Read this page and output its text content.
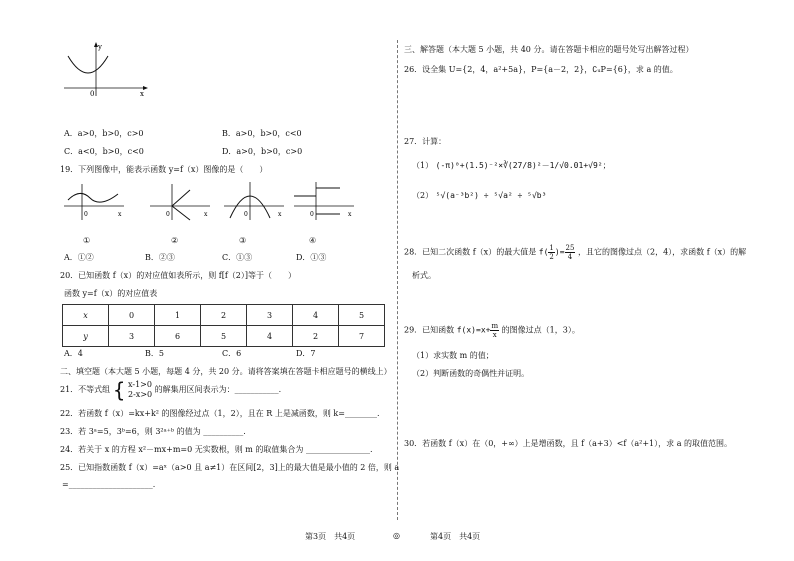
0
y
x
A．a>0，b>0，c>0	B．a>0，b>0，c<0
C．a<0，b>0，c<0	D．a>0，b>0，c>0
19．下列图像中，能表示函数 y=f（x）图像的是（　　）
0	x	0	x	0	x	0	x
①	②	③	④
A．①②	B．②③	C．①③	D．①③
20．已知函数 f（x）的对应值如表所示，则 f[f（2）]等于（　　）
函数 y=f（x）的对应值表
x	0	1	2	3	4	5
y	3	6	5	4	2	7
A．4	B．5	C．6	D．7
二、填空题（本大题 5 小题，每题 4 分，共 20 分。请将答案填在答题卡相应题号的横线上）
21．不等式组 { x-1>0
2-x>0
的解集用区间表示为：___________.
22．若函数 f（x）=kx+k² 的图像经过点（1，2），且在 R 上是减函数，则 k=________.
23．若 3ᵃ=5，3ᵇ=6，则 3²ᵃ⁺ᵇ 的值为 __________.
24．若关于 x 的方程 x²－mx+m=0 无实数根，则 m 的取值集合为 ________________.
25．已知指数函数 f（x）=aˣ（a>0 且 a≠1）在区间[2，3]上的最大值是最小值的 2 倍，则 a
=_____________________.
三、解答题（本大题 5 小题，共 40 分。请在答题卡相应的题号处写出解答过程）
26．设全集 U={2，4，a²+5a}，P={a－2，2}，∁ᵤP={6}，求 a 的值。
27．计算：
（1） (-π)⁰+(1.5)⁻²×∛(27/8)²－1/√0.01+√9²；
（2） ⁵√(a⁻³b²) ÷ ⁵√a² ÷ ⁵√b³
28．已知二次函数 f（x）的最大值是 $f( \frac{1}{2}$ )= $\frac{25}{4}$ ，且它的图像过点（2，4），求函数 f（x）的解
析式。
29．已知函数 $f(x)=x+ \frac{m}{x}$ 的图像过点（1，3）。
（1）求实数 m 的值；
（2）判断函数的奇偶性并证明。
30．若函数 f（x）在（0，+∞）上是增函数，且 f（a+3）<f（a²+1），求 a 的取值范围。
第3页　共4页	◎	第4页　共4页
